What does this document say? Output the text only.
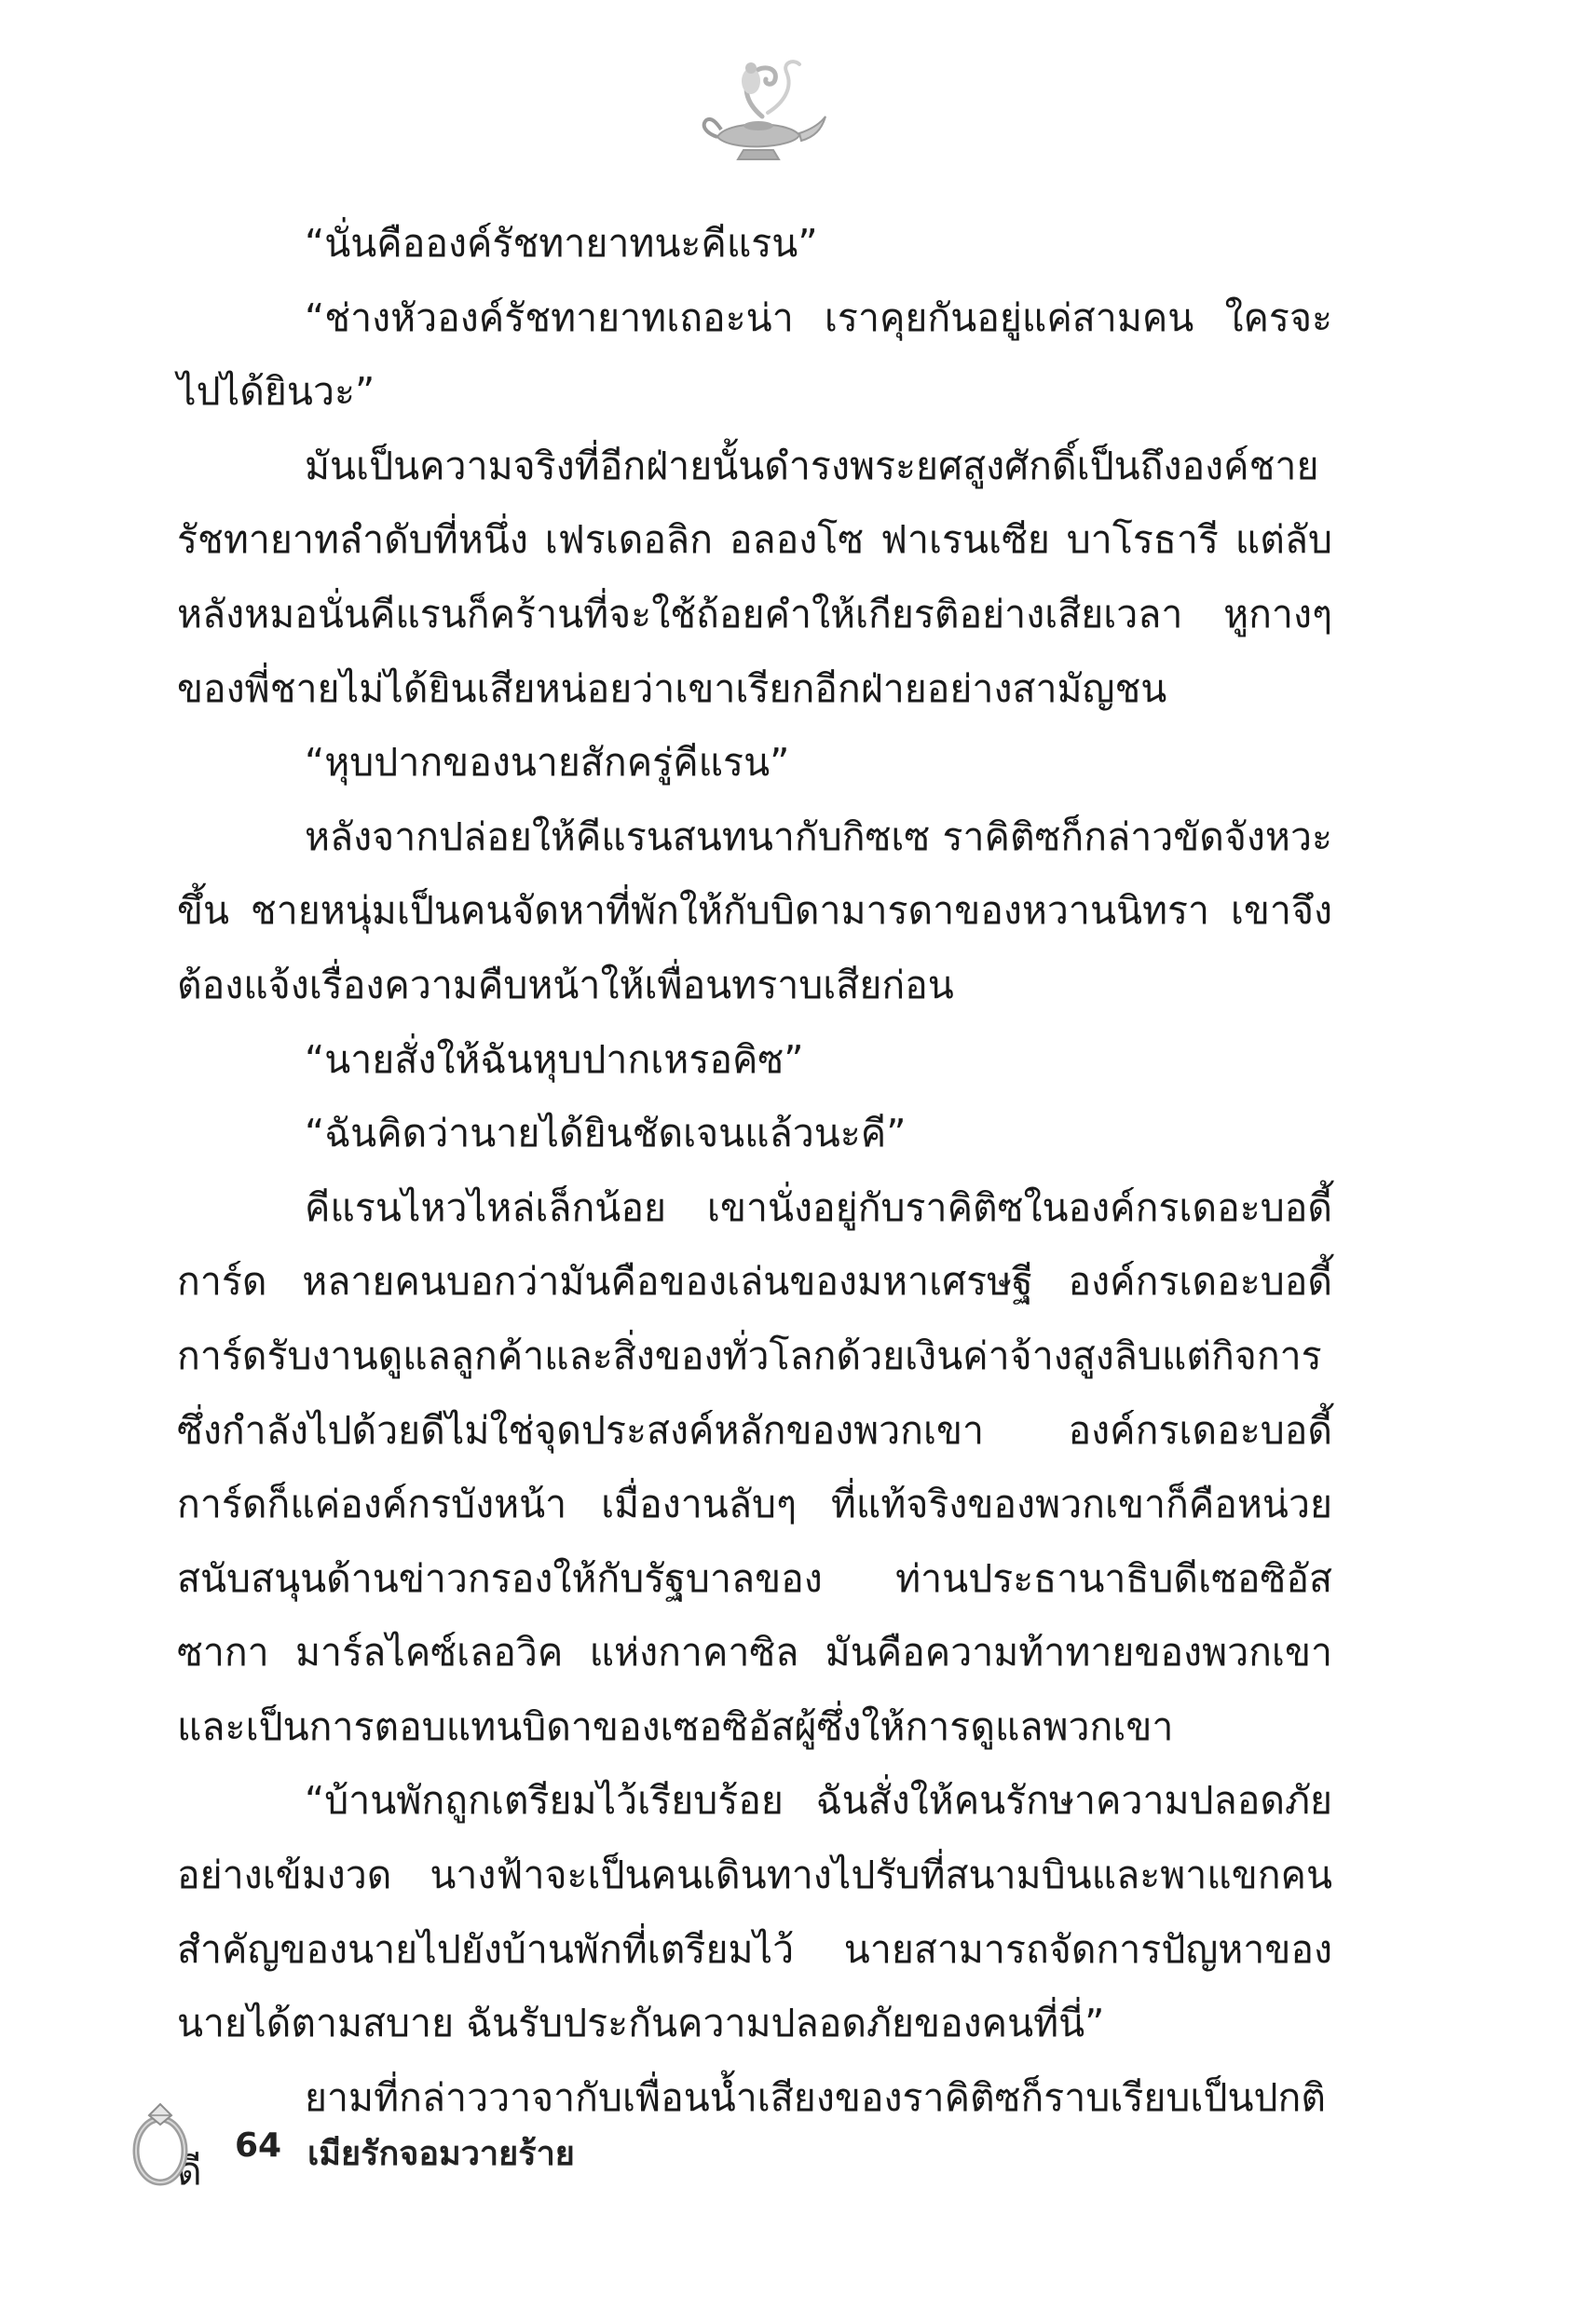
“นั่นคือองค์รัชทายาทนะคีแรน”

“ช่างหัวองค์รัชทายาทเถอะน่า เราคุยกันอยู่แค่สามคน ใครจะไปได้ยินวะ”

มันเป็นความจริงที่อีกฝ่ายนั้นดำรงพระยศสูงศักดิ์เป็นถึงองค์ชายรัชทายาทลำดับที่หนึ่ง เฟรเดอลิก อลองโซ ฟาเรนเซีย บาโรธารี แต่ลับหลังหมอนั่นคีแรนก็คร้านที่จะใช้ถ้อยคำให้เกียรติอย่างเสียเวลา หูกางๆ ของพี่ชายไม่ได้ยินเสียหน่อยว่าเขาเรียกอีกฝ่ายอย่างสามัญชน

“หุบปากของนายสักครู่คีแรน”

หลังจากปล่อยให้คีแรนสนทนากับกิซเซ ราคิติซก็กล่าวขัดจังหวะขึ้น ชายหนุ่มเป็นคนจัดหาที่พักให้กับบิดามารดาของหวานนิทรา เขาจึงต้องแจ้งเรื่องความคืบหน้าให้เพื่อนทราบเสียก่อน

“นายสั่งให้ฉันหุบปากเหรอคิซ”

“ฉันคิดว่านายได้ยินชัดเจนแล้วนะคี”

คีแรนไหวไหล่เล็กน้อย เขานั่งอยู่กับราคิติซในองค์กรเดอะบอดี้การ์ด หลายคนบอกว่ามันคือของเล่นของมหาเศรษฐี องค์กรเดอะบอดี้การ์ดรับงานดูแลลูกค้าและสิ่งของทั่วโลกด้วยเงินค่าจ้างสูงลิบแต่กิจการซึ่งกำลังไปด้วยดีไม่ใช่จุดประสงค์หลักของพวกเขา องค์กรเดอะบอดี้การ์ดก็แค่องค์กรบังหน้า เมื่องานลับๆ ที่แท้จริงของพวกเขาก็คือหน่วยสนับสนุนด้านข่าวกรองให้กับรัฐบาลของ ท่านประธานาธิบดีเซอซิอัส ซากา มาร์ลไคซ์เลอวิค แห่งกาคาซิล มันคือความท้าทายของพวกเขา และเป็นการตอบแทนบิดาของเซอซิอัสผู้ซึ่งให้การดูแลพวกเขา

“บ้านพักถูกเตรียมไว้เรียบร้อย ฉันสั่งให้คนรักษาความปลอดภัยอย่างเข้มงวด นางฟ้าจะเป็นคนเดินทางไปรับที่สนามบินและพาแขกคนสำคัญของนายไปยังบ้านพักที่เตรียมไว้ นายสามารถจัดการปัญหาของนายได้ตามสบาย ฉันรับประกันความปลอดภัยของคนที่นี่”

ยามที่กล่าววาจากับเพื่อนน้ำเสียงของราคิติซก็ราบเรียบเป็นปกติดี

64 เมียรักจอมวายร้าย
